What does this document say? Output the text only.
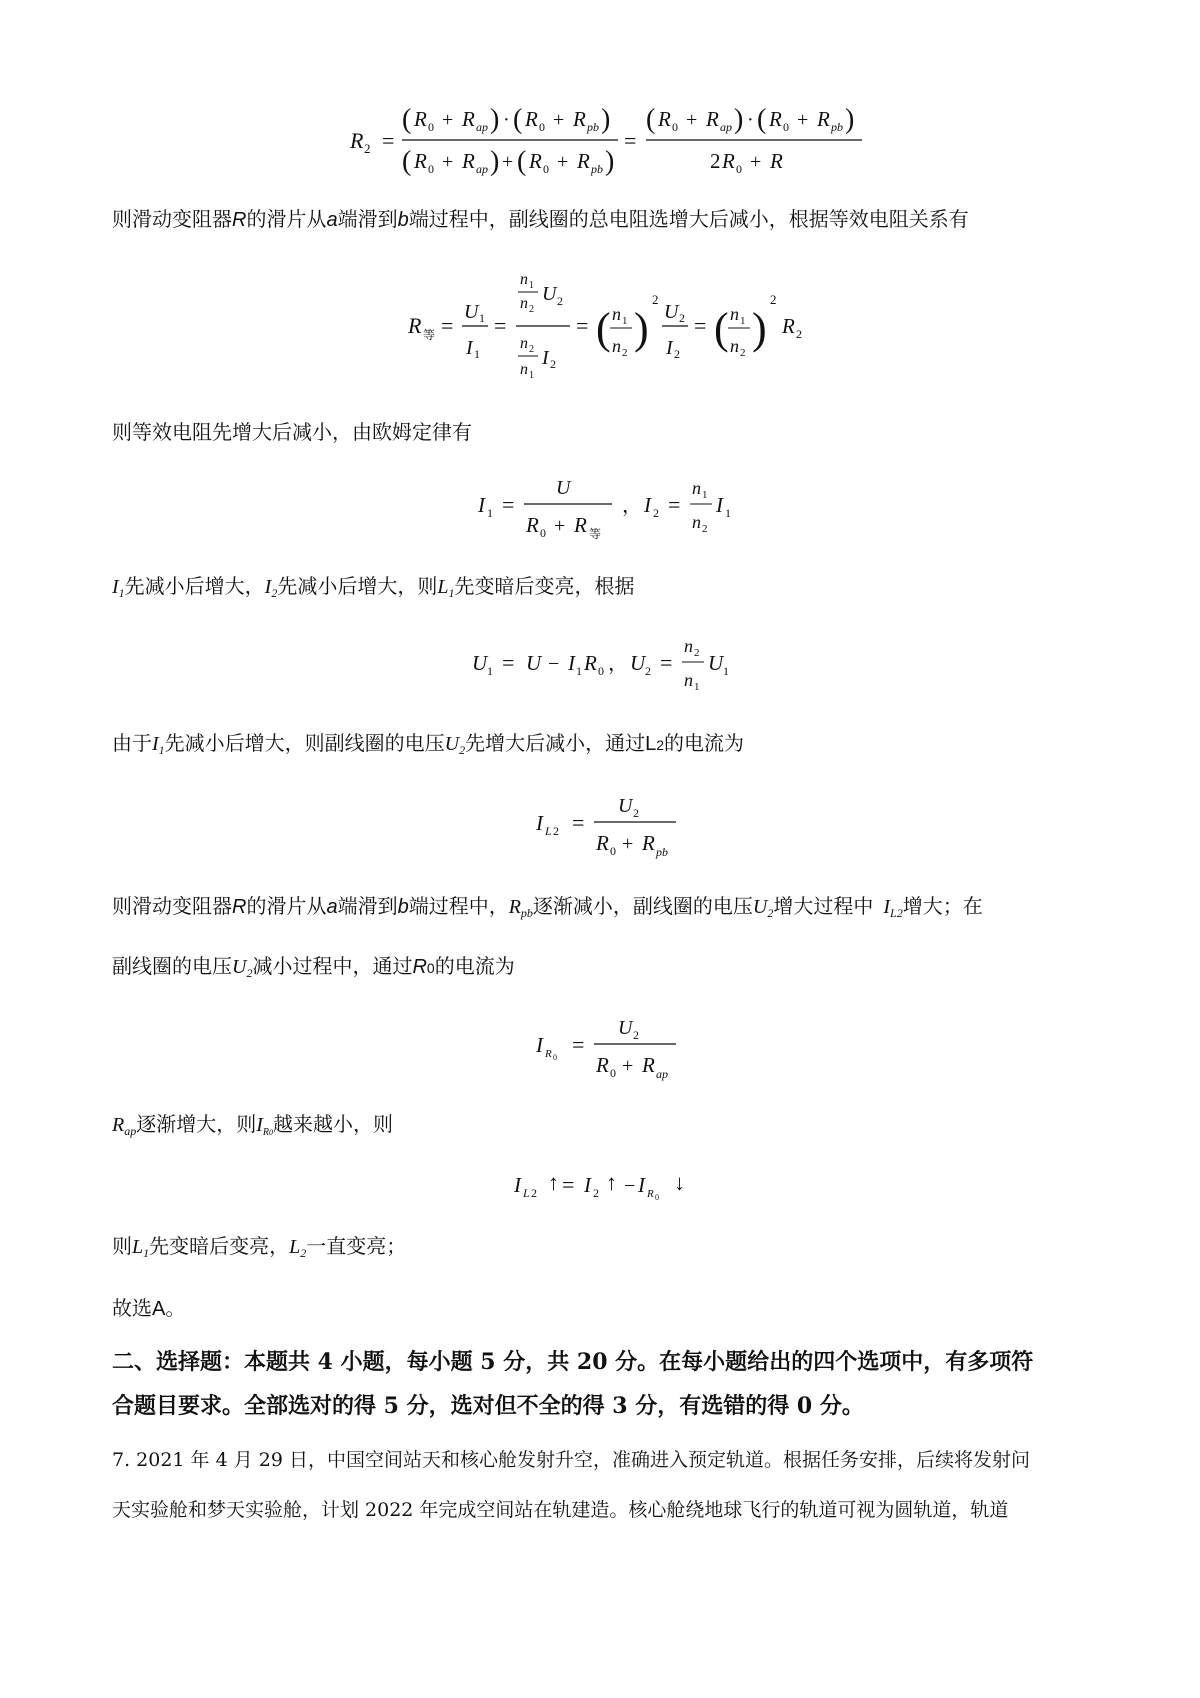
R 2 =
( R 0 + R ap ) · ( R 0 + R pb )
( R 0 + R ap ) + ( R 0 + R pb )
=
( R 0 + R ap ) · ( R 0 + R pb )
2 R 0 + R
则滑动变阻器R的滑片从a端滑到b端过程中，副线圈的总电阻选增大后减小，根据等效电阻关系有
R 等 =
U 1
I 1
=
n 1
n 2
U 2
n 2
n 1
I 2
= ( n 1
n 2 )
2
U 2
I 2
= ( n 1
n 2 )
2
R 2
则等效电阻先增大后减小，由欧姆定律有
I 1 =
U
R 0 + R 等
， I 2 =
n 1
n 2
I 1
$I_1$先减小后增大，$I_2$先减小后增大，则$L_1$先变暗后变亮，根据
U 1 = U − I 1 R 0 ， U 2 =
n 2
n 1
U 1
由于$I_1$先减小后增大，则副线圈的电压$U_2$先增大后减小，通过L2的电流为
I L 2 =
U 2
R 0 + R pb
则滑动变阻器R的滑片从a端滑到b端过程中，$R_{pb}$逐渐减小，副线圈的电压$U_2$增大过程中 $I_{L2}$增大；在
副线圈的电压$U_2$减小过程中，通过R0的电流为
I R 0
=
U 2
R 0 + R ap
$R_{ap}$逐渐增大，则$I_{R0}$越来越小，则
I L 2 ↑ = I 2 ↑ − I R 0
↓
则$L_1$先变暗后变亮，$L_2$一直变亮；
故选A。
二、选择题：本题共 4 小题，每小题 5 分，共 20 分。在每小题给出的四个选项中，有多项符
合题目要求。全部选对的得 5 分，选对但不全的得 3 分，有选错的得 0 分。
7. 2021 年 4 月 29 日，中国空间站天和核心舱发射升空，准确进入预定轨道。根据任务安排，后续将发射问
天实验舱和梦天实验舱，计划 2022 年完成空间站在轨建造。核心舱绕地球飞行的轨道可视为圆轨道，轨道
